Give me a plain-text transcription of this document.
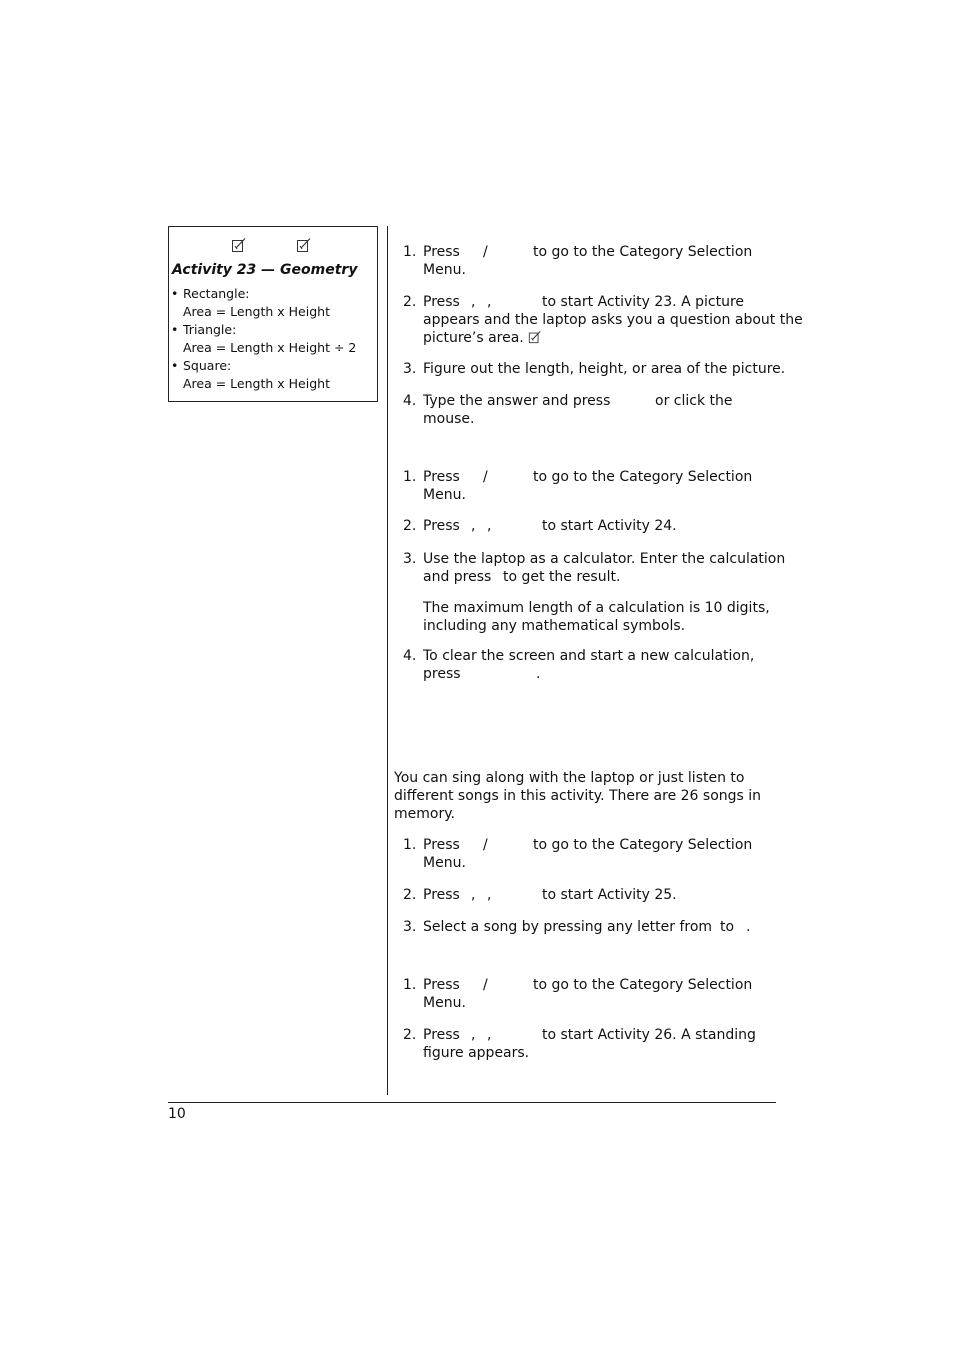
Activity 23 — Geometry
• Rectangle:
Area = Length x Height
• Triangle:
Area = Length x Height ÷ 2
• Square:
Area = Length x Height
1. Press /	to go to the Category Selection
Menu.
2. Press , ,	to start Activity 23. A picture
appears and the laptop asks you a question about the
picture’s area.
3. Figure out the length, height, or area of the picture.
4. Type the answer and press	or click the
mouse.
1. Press /	to go to the Category Selection
Menu.
2. Press , ,	to start Activity 24.
3. Use the laptop as a calculator. Enter the calculation
and press to get the result.
The maximum length of a calculation is 10 digits,
including any mathematical symbols.
4. To clear the screen and start a new calculation,
press	.
You can sing along with the laptop or just listen to
different songs in this activity. There are 26 songs in
memory.
1. Press /	to go to the Category Selection
Menu.
2. Press , ,	to start Activity 25.
3. Select a song by pressing any letter from to .
1. Press /	to go to the Category Selection
Menu.
2. Press , ,	to start Activity 26. A standing
figure appears.
10
